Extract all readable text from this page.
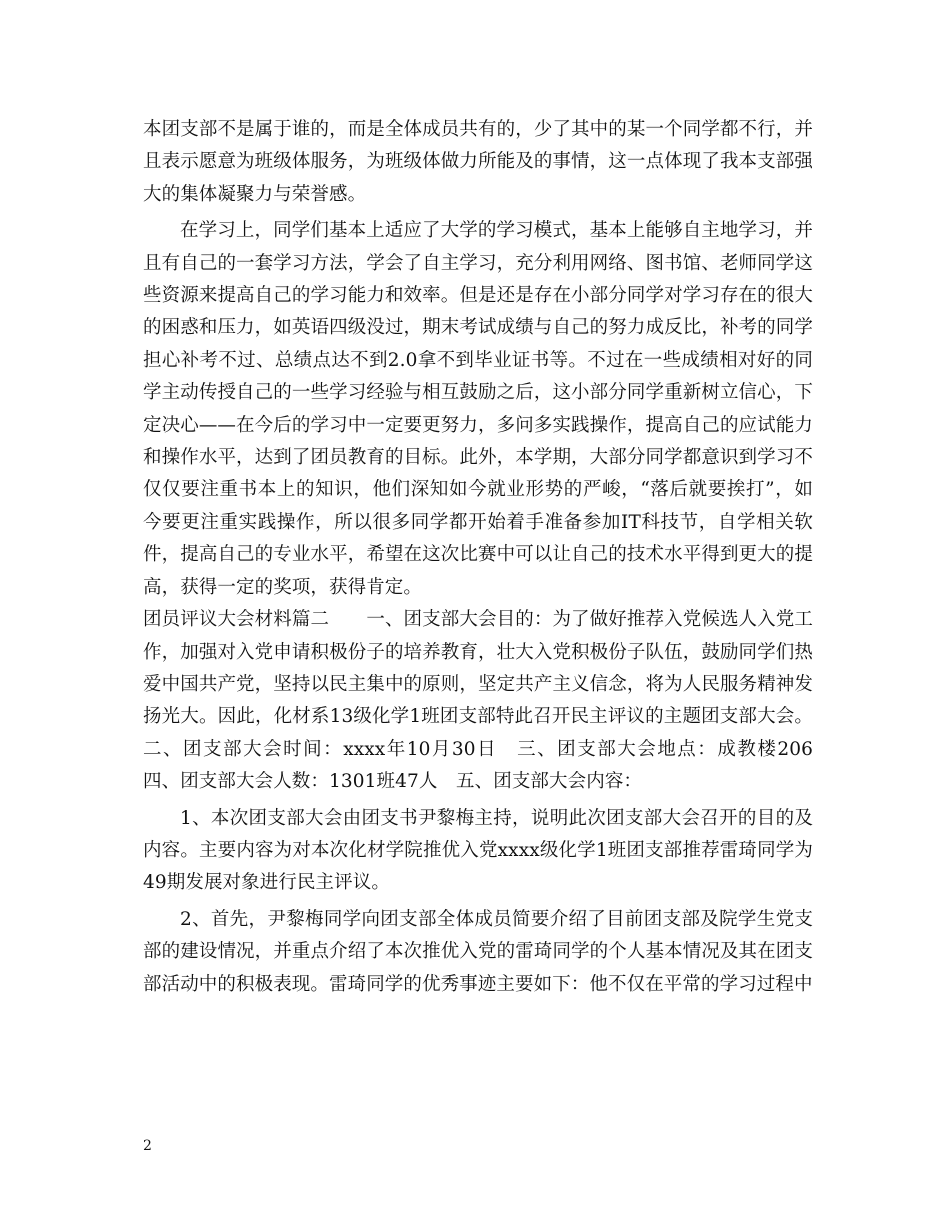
本团支部不是属于谁的，而是全体成员共有的，少了其中的某一个同学都不行，并且表示愿意为班级体服务，为班级体做力所能及的事情，这一点体现了我本支部强大的集体凝聚力与荣誉感。

在学习上，同学们基本上适应了大学的学习模式，基本上能够自主地学习，并且有自己的一套学习方法，学会了自主学习，充分利用网络、图书馆、老师同学这些资源来提高自己的学习能力和效率。但是还是存在小部分同学对学习存在的很大的困惑和压力，如英语四级没过，期末考试成绩与自己的努力成反比，补考的同学担心补考不过、总绩点达不到2.0拿不到毕业证书等。不过在一些成绩相对好的同学主动传授自己的一些学习经验与相互鼓励之后，这小部分同学重新树立信心，下定决心——在今后的学习中一定要更努力，多问多实践操作，提高自己的应试能力和操作水平，达到了团员教育的目标。此外，本学期，大部分同学都意识到学习不仅仅要注重书本上的知识，他们深知如今就业形势的严峻，“落后就要挨打”，如今要更注重实践操作，所以很多同学都开始着手准备参加IT科技节，自学相关软件，提高自己的专业水平，希望在这次比赛中可以让自己的技术水平得到更大的提高，获得一定的奖项，获得肯定。

团员评议大会材料篇二　　一、团支部大会目的：为了做好推荐入党候选人入党工作，加强对入党申请积极份子的培养教育，壮大入党积极份子队伍，鼓励同学们热爱中国共产党，坚持以民主集中的原则，坚定共产主义信念，将为人民服务精神发扬光大。因此，化材系13级化学1班团支部特此召开民主评议的主题团支部大会。 二、团支部大会时间：xxxx年10月30日　三、团支部大会地点：成教楼206　四、团支部大会人数：1301班47人　五、团支部大会内容：

1、本次团支部大会由团支书尹黎梅主持，说明此次团支部大会召开的目的及内容。主要内容为对本次化材学院推优入党xxxx级化学1班团支部推荐雷琦同学为49期发展对象进行民主评议。

2、首先，尹黎梅同学向团支部全体成员简要介绍了目前团支部及院学生党支部的建设情况，并重点介绍了本次推优入党的雷琦同学的个人基本情况及其在团支部活动中的积极表现。雷琦同学的优秀事迹主要如下：他不仅在平常的学习过程中

2
